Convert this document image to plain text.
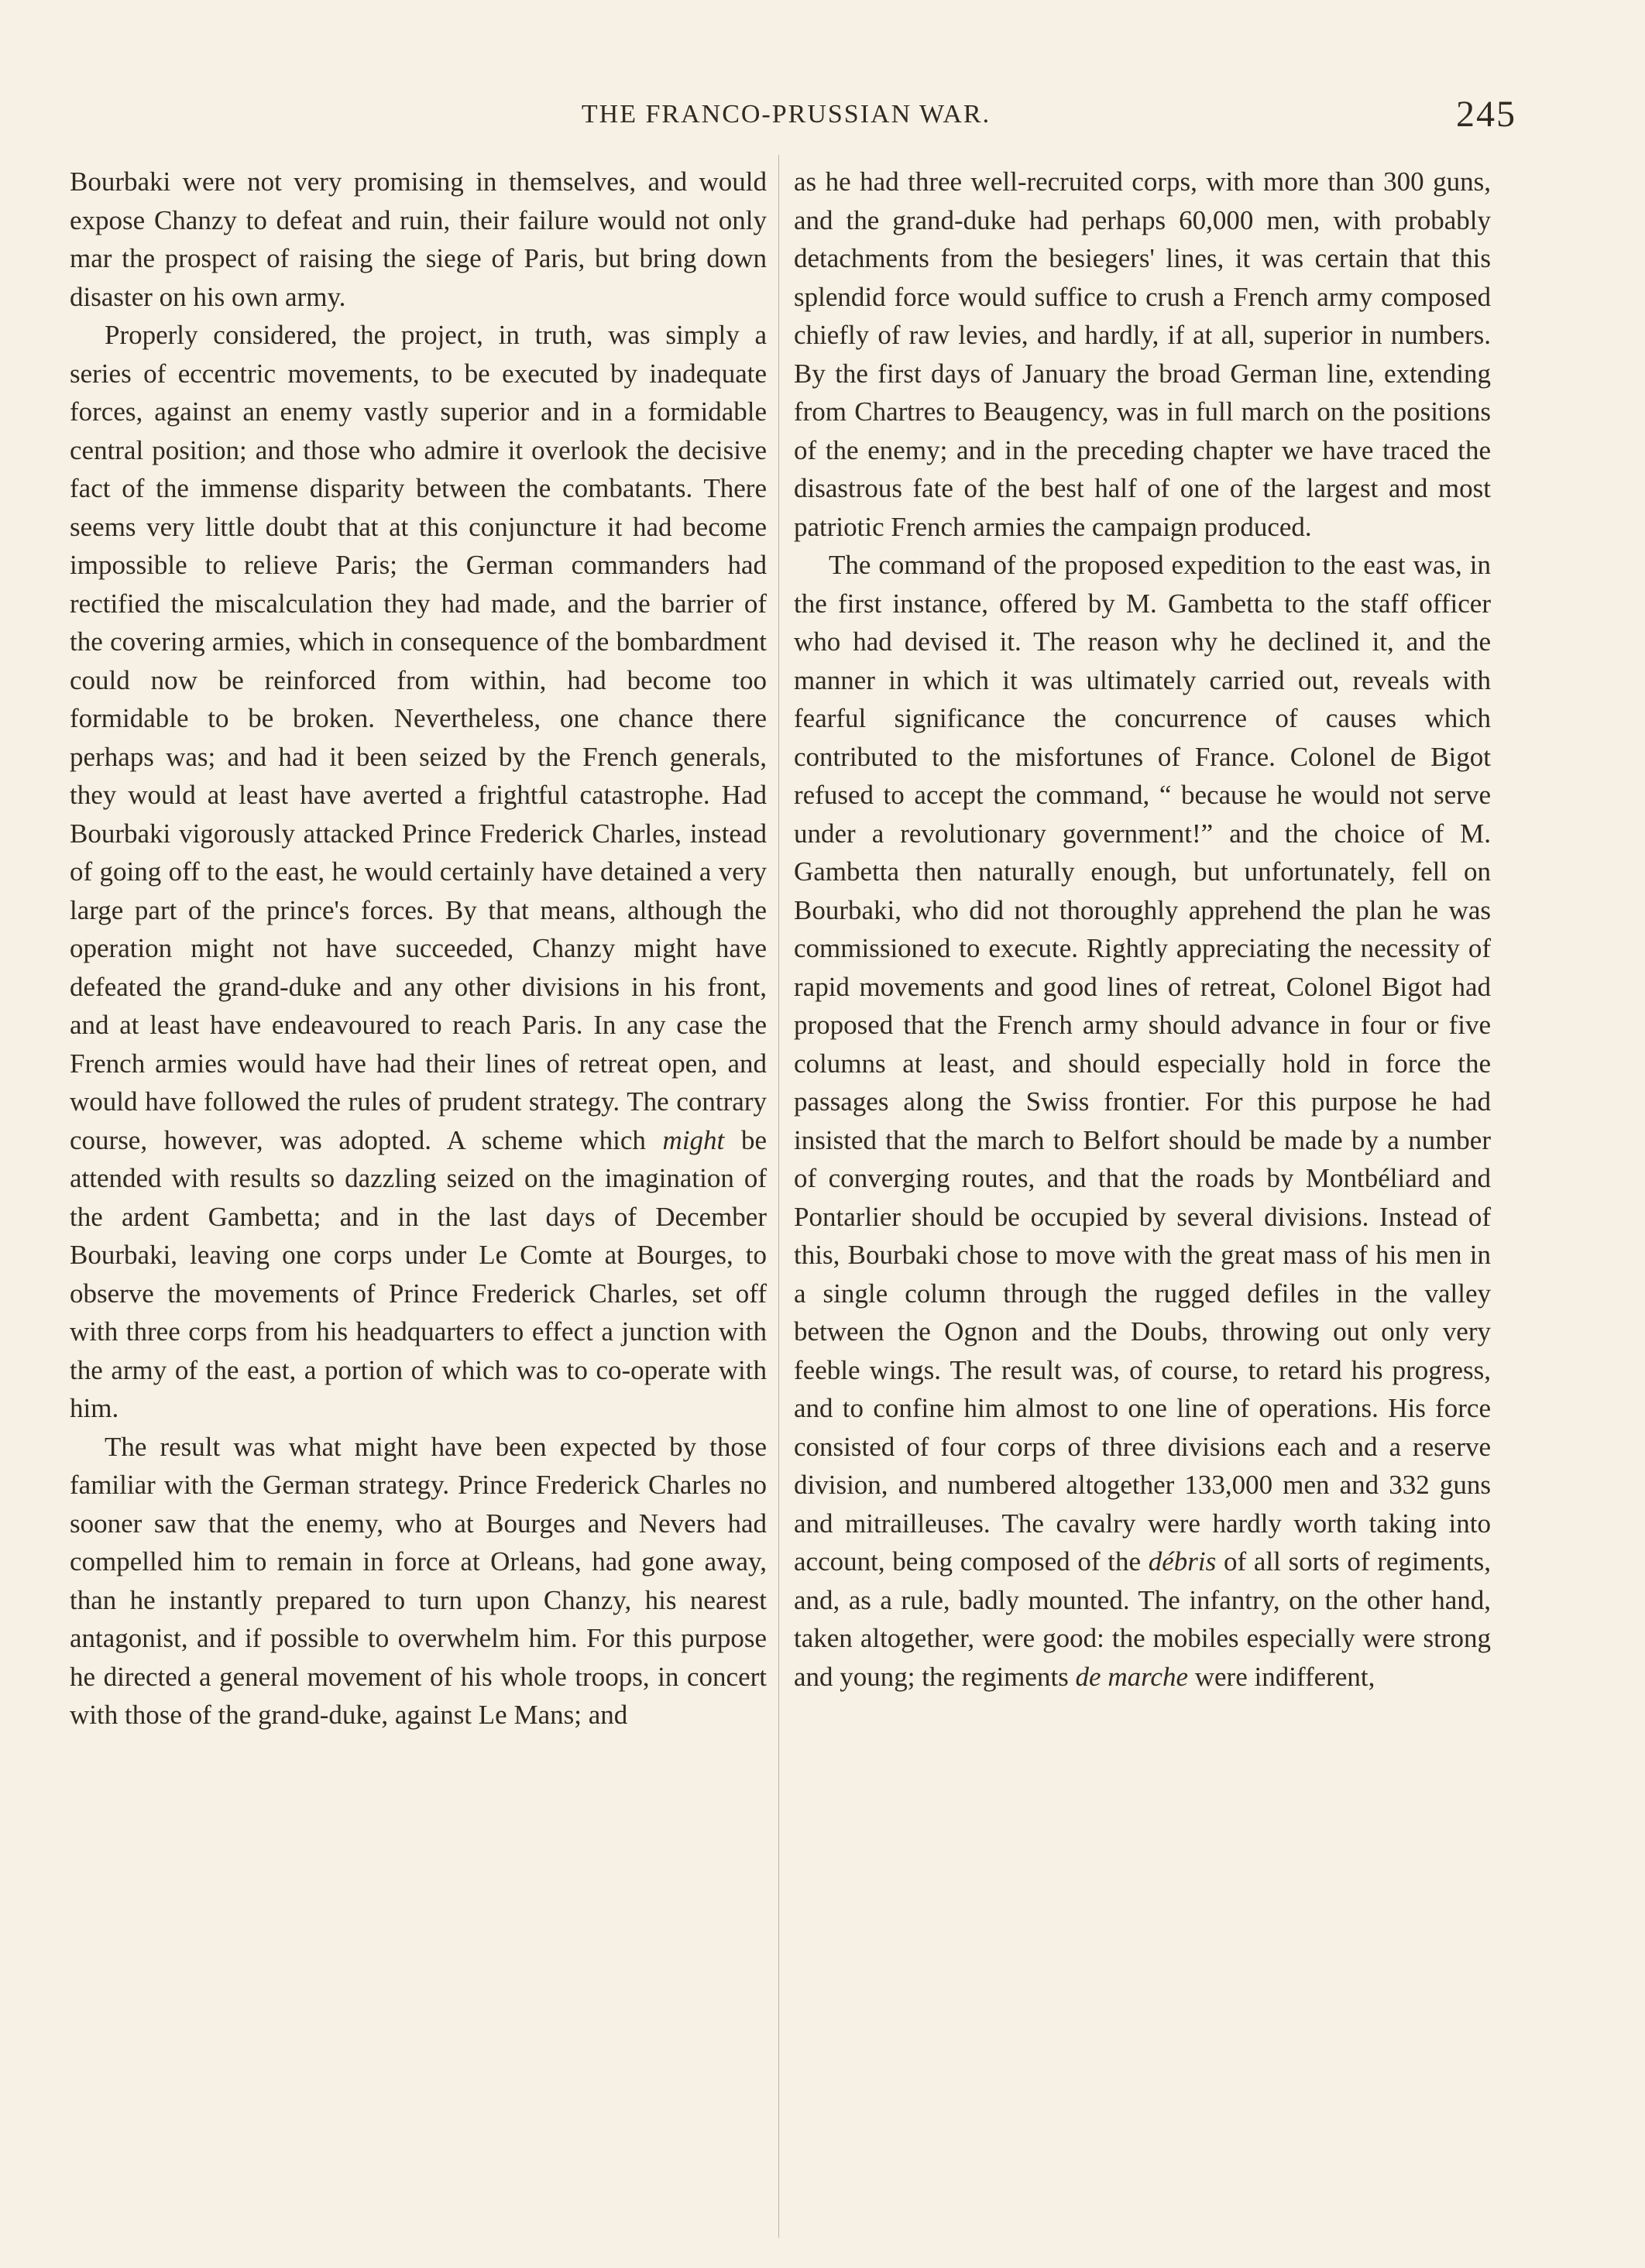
THE FRANCO-PRUSSIAN WAR.	245

Bourbaki were not very promising in themselves, and would expose Chanzy to defeat and ruin, their failure would not only mar the prospect of raising the siege of Paris, but bring down disaster on his own army.

Properly considered, the project, in truth, was simply a series of eccentric movements, to be executed by inadequate forces, against an enemy vastly superior and in a formidable central position; and those who admire it overlook the decisive fact of the immense disparity between the combatants. There seems very little doubt that at this conjuncture it had become impossible to relieve Paris; the German commanders had rectified the miscalculation they had made, and the barrier of the covering armies, which in consequence of the bombardment could now be reinforced from within, had become too formidable to be broken. Nevertheless, one chance there perhaps was; and had it been seized by the French generals, they would at least have averted a frightful catastrophe. Had Bourbaki vigorously attacked Prince Frederick Charles, instead of going off to the east, he would certainly have detained a very large part of the prince's forces. By that means, although the operation might not have succeeded, Chanzy might have defeated the grand-duke and any other divisions in his front, and at least have endeavoured to reach Paris. In any case the French armies would have had their lines of retreat open, and would have followed the rules of prudent strategy. The contrary course, however, was adopted. A scheme which might be attended with results so dazzling seized on the imagination of the ardent Gambetta; and in the last days of December Bourbaki, leaving one corps under Le Comte at Bourges, to observe the movements of Prince Frederick Charles, set off with three corps from his headquarters to effect a junction with the army of the east, a portion of which was to co-operate with him.

The result was what might have been expected by those familiar with the German strategy. Prince Frederick Charles no sooner saw that the enemy, who at Bourges and Nevers had compelled him to remain in force at Orleans, had gone away, than he instantly prepared to turn upon Chanzy, his nearest antagonist, and if possible to overwhelm him. For this purpose he directed a general movement of his whole troops, in concert with those of the grand-duke, against Le Mans; and

as he had three well-recruited corps, with more than 300 guns, and the grand-duke had perhaps 60,000 men, with probably detachments from the besiegers' lines, it was certain that this splendid force would suffice to crush a French army composed chiefly of raw levies, and hardly, if at all, superior in numbers. By the first days of January the broad German line, extending from Chartres to Beaugency, was in full march on the positions of the enemy; and in the preceding chapter we have traced the disastrous fate of the best half of one of the largest and most patriotic French armies the campaign produced.

The command of the proposed expedition to the east was, in the first instance, offered by M. Gambetta to the staff officer who had devised it. The reason why he declined it, and the manner in which it was ultimately carried out, reveals with fearful significance the concurrence of causes which contributed to the misfortunes of France. Colonel de Bigot refused to accept the command, “ because he would not serve under a revolutionary government!” and the choice of M. Gambetta then naturally enough, but unfortunately, fell on Bourbaki, who did not thoroughly apprehend the plan he was commissioned to execute. Rightly appreciating the necessity of rapid movements and good lines of retreat, Colonel Bigot had proposed that the French army should advance in four or five columns at least, and should especially hold in force the passages along the Swiss frontier. For this purpose he had insisted that the march to Belfort should be made by a number of converging routes, and that the roads by Montbéliard and Pontarlier should be occupied by several divisions. Instead of this, Bourbaki chose to move with the great mass of his men in a single column through the rugged defiles in the valley between the Ognon and the Doubs, throwing out only very feeble wings. The result was, of course, to retard his progress, and to confine him almost to one line of operations. His force consisted of four corps of three divisions each and a reserve division, and numbered altogether 133,000 men and 332 guns and mitrailleuses. The cavalry were hardly worth taking into account, being composed of the débris of all sorts of regiments, and, as a rule, badly mounted. The infantry, on the other hand, taken altogether, were good: the mobiles especially were strong and young; the regiments de marche were indifferent,
